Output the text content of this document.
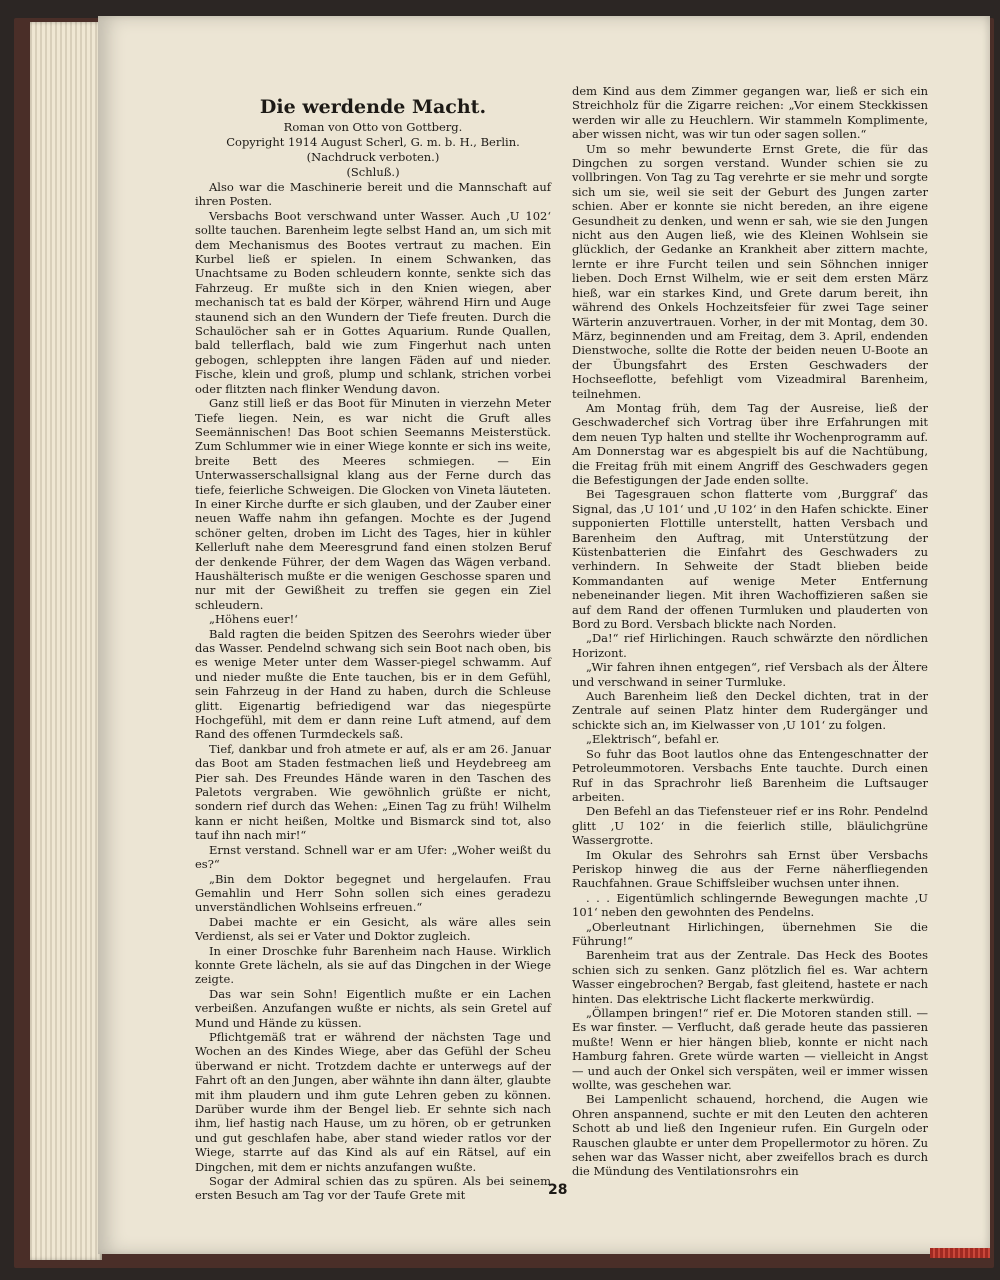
Die werdende Macht.

Roman von Otto von Gottberg.

Copyright 1914 August Scherl, G. m. b. H., Berlin.

(Nachdruck verboten.)

(Schluß.)

Also war die Maschinerie bereit und die Mannschaft auf ihren Posten.

Versbachs Boot verschwand unter Wasser. Auch ‚U 102‘ sollte tauchen. Barenheim legte selbst Hand an, um sich mit dem Mechanismus des Bootes vertraut zu machen. Ein Kurbel ließ er spielen. In einem Schwanken, das Unachtsame zu Boden schleudern konnte, senkte sich das Fahrzeug. Er mußte sich in den Knien wiegen, aber mechanisch tat es bald der Körper, während Hirn und Auge staunend sich an den Wundern der Tiefe freuten. Durch die Schaulöcher sah er in Gottes Aquarium. Runde Quallen, bald tellerflach, bald wie zum Fingerhut nach unten gebogen, schleppten ihre langen Fäden auf und nieder. Fische, klein und groß, plump und schlank, strichen vorbei oder flitzten nach flinker Wendung davon.

Ganz still ließ er das Boot für Minuten in vierzehn Meter Tiefe liegen. Nein, es war nicht die Gruft alles Seemännischen! Das Boot schien Seemanns Meisterstück. Zum Schlummer wie in einer Wiege konnte er sich ins weite, breite Bett des Meeres schmiegen. — Ein Unterwasserschallsignal klang aus der Ferne durch das tiefe, feierliche Schweigen. Die Glocken von Vineta läuteten. In einer Kirche durfte er sich glauben, und der Zauber einer neuen Waffe nahm ihn gefangen. Mochte es der Jugend schöner gelten, droben im Licht des Tages, hier in kühler Kellerluft nahe dem Meeresgrund fand einen stolzen Beruf der denkende Führer, der dem Wagen das Wägen verband. Haushälterisch mußte er die wenigen Geschosse sparen und nur mit der Gewißheit zu treffen sie gegen ein Ziel schleudern.

„Höhens euer!‘

Bald ragten die beiden Spitzen des Seerohrs wieder über das Wasser. Pendelnd schwang sich sein Boot nach oben, bis es wenige Meter unter dem Wasser-piegel schwamm. Auf und nieder mußte die Ente tauchen, bis er in dem Gefühl, sein Fahrzeug in der Hand zu haben, durch die Schleuse glitt. Eigenartig befriedigend war das niegespürte Hochgefühl, mit dem er dann reine Luft atmend, auf dem Rand des offenen Turmdeckels saß.

Tief, dankbar und froh atmete er auf, als er am 26. Januar das Boot am Staden festmachen ließ und Heydebreeg am Pier sah. Des Freundes Hände waren in den Taschen des Paletots vergraben. Wie gewöhnlich grüßte er nicht, sondern rief durch das Wehen: „Einen Tag zu früh! Wilhelm kann er nicht heißen, Moltke und Bismarck sind tot, also tauf ihn nach mir!“

Ernst verstand. Schnell war er am Ufer: „Woher weißt du es?“

„Bin dem Doktor begegnet und hergelaufen. Frau Gemahlin und Herr Sohn sollen sich eines geradezu unverständlichen Wohlseins erfreuen.“

Dabei machte er ein Gesicht, als wäre alles sein Verdienst, als sei er Vater und Doktor zugleich.

In einer Droschke fuhr Barenheim nach Hause. Wirklich konnte Grete lächeln, als sie auf das Dingchen in der Wiege zeigte.

Das war sein Sohn! Eigentlich mußte er ein Lachen verbeißen. Anzufangen wußte er nichts, als sein Gretel auf Mund und Hände zu küssen.

Pflichtgemäß trat er während der nächsten Tage und Wochen an des Kindes Wiege, aber das Gefühl der Scheu überwand er nicht. Trotzdem dachte er unterwegs auf der Fahrt oft an den Jungen, aber wähnte ihn dann älter, glaubte mit ihm plaudern und ihm gute Lehren geben zu können. Darüber wurde ihm der Bengel lieb. Er sehnte sich nach ihm, lief hastig nach Hause, um zu hören, ob er getrunken und gut geschlafen habe, aber stand wieder ratlos vor der Wiege, starrte auf das Kind als auf ein Rätsel, auf ein Dingchen, mit dem er nichts anzufangen wußte.

Sogar der Admiral schien das zu spüren. Als bei seinem ersten Besuch am Tag vor der Taufe Grete mit

dem Kind aus dem Zimmer gegangen war, ließ er sich ein Streichholz für die Zigarre reichen: „Vor einem Steckkissen werden wir alle zu Heuchlern. Wir stammeln Komplimente, aber wissen nicht, was wir tun oder sagen sollen.“

Um so mehr bewunderte Ernst Grete, die für das Dingchen zu sorgen verstand. Wunder schien sie zu vollbringen. Von Tag zu Tag verehrte er sie mehr und sorgte sich um sie, weil sie seit der Geburt des Jungen zarter schien. Aber er konnte sie nicht bereden, an ihre eigene Gesundheit zu denken, und wenn er sah, wie sie den Jungen nicht aus den Augen ließ, wie des Kleinen Wohlsein sie glücklich, der Gedanke an Krankheit aber zittern machte, lernte er ihre Furcht teilen und sein Söhnchen inniger lieben. Doch Ernst Wilhelm, wie er seit dem ersten März hieß, war ein starkes Kind, und Grete darum bereit, ihn während des Onkels Hochzeitsfeier für zwei Tage seiner Wärterin anzuvertrauen. Vorher, in der mit Montag, dem 30. März, beginnenden und am Freitag, dem 3. April, endenden Dienstwoche, sollte die Rotte der beiden neuen U-Boote an der Übungsfahrt des Ersten Geschwaders der Hochseeflotte, befehligt vom Vizeadmiral Barenheim, teilnehmen.

Am Montag früh, dem Tag der Ausreise, ließ der Geschwaderchef sich Vortrag über ihre Erfahrungen mit dem neuen Typ halten und stellte ihr Wochenprogramm auf. Am Donnerstag war es abgespielt bis auf die Nachtübung, die Freitag früh mit einem Angriff des Geschwaders gegen die Befestigungen der Jade enden sollte.

Bei Tagesgrauen schon flatterte vom ‚Burggraf‘ das Signal, das ‚U 101‘ und ‚U 102‘ in den Hafen schickte. Einer supponierten Flottille unterstellt, hatten Versbach und Barenheim den Auftrag, mit Unterstützung der Küstenbatterien die Einfahrt des Geschwaders zu verhindern. In Sehweite der Stadt blieben beide Kommandanten auf wenige Meter Entfernung nebeneinander liegen. Mit ihren Wachoffizieren saßen sie auf dem Rand der offenen Turmluken und plauderten von Bord zu Bord. Versbach blickte nach Norden.

„Da!“ rief Hirlichingen. Rauch schwärzte den nördlichen Horizont.

„Wir fahren ihnen entgegen“, rief Versbach als der Ältere und verschwand in seiner Turmluke.

Auch Barenheim ließ den Deckel dichten, trat in der Zentrale auf seinen Platz hinter dem Rudergänger und schickte sich an, im Kielwasser von ‚U 101‘ zu folgen.

„Elektrisch“, befahl er.

So fuhr das Boot lautlos ohne das Entengeschnatter der Petroleummotoren. Versbachs Ente tauchte. Durch einen Ruf in das Sprachrohr ließ Barenheim die Luftsauger arbeiten.

Den Befehl an das Tiefensteuer rief er ins Rohr. Pendelnd glitt ‚U 102‘ in die feierlich stille, bläulichgrüne Wassergrotte.

Im Okular des Sehrohrs sah Ernst über Versbachs Periskop hinweg die aus der Ferne näherfliegenden Rauchfahnen. Graue Schiffsleiber wuchsen unter ihnen.

. . . Eigentümlich schlingernde Bewegungen machte ‚U 101‘ neben den gewohnten des Pendelns.

„Oberleutnant Hirlichingen, übernehmen Sie die Führung!“

Barenheim trat aus der Zentrale. Das Heck des Bootes schien sich zu senken. Ganz plötzlich fiel es. War achtern Wasser eingebrochen? Bergab, fast gleitend, hastete er nach hinten. Das elektrische Licht flackerte merkwürdig.

„Öllampen bringen!“ rief er. Die Motoren standen still. — Es war finster. — Verflucht, daß gerade heute das passieren mußte! Wenn er hier hängen blieb, konnte er nicht nach Hamburg fahren. Grete würde warten — vielleicht in Angst — und auch der Onkel sich verspäten, weil er immer wissen wollte, was geschehen war.

Bei Lampenlicht schauend, horchend, die Augen wie Ohren anspannend, suchte er mit den Leuten den achteren Schott ab und ließ den Ingenieur rufen. Ein Gurgeln oder Rauschen glaubte er unter dem Propellermotor zu hören. Zu sehen war das Wasser nicht, aber zweifellos brach es durch die Mündung des Ventilationsrohrs ein

28
